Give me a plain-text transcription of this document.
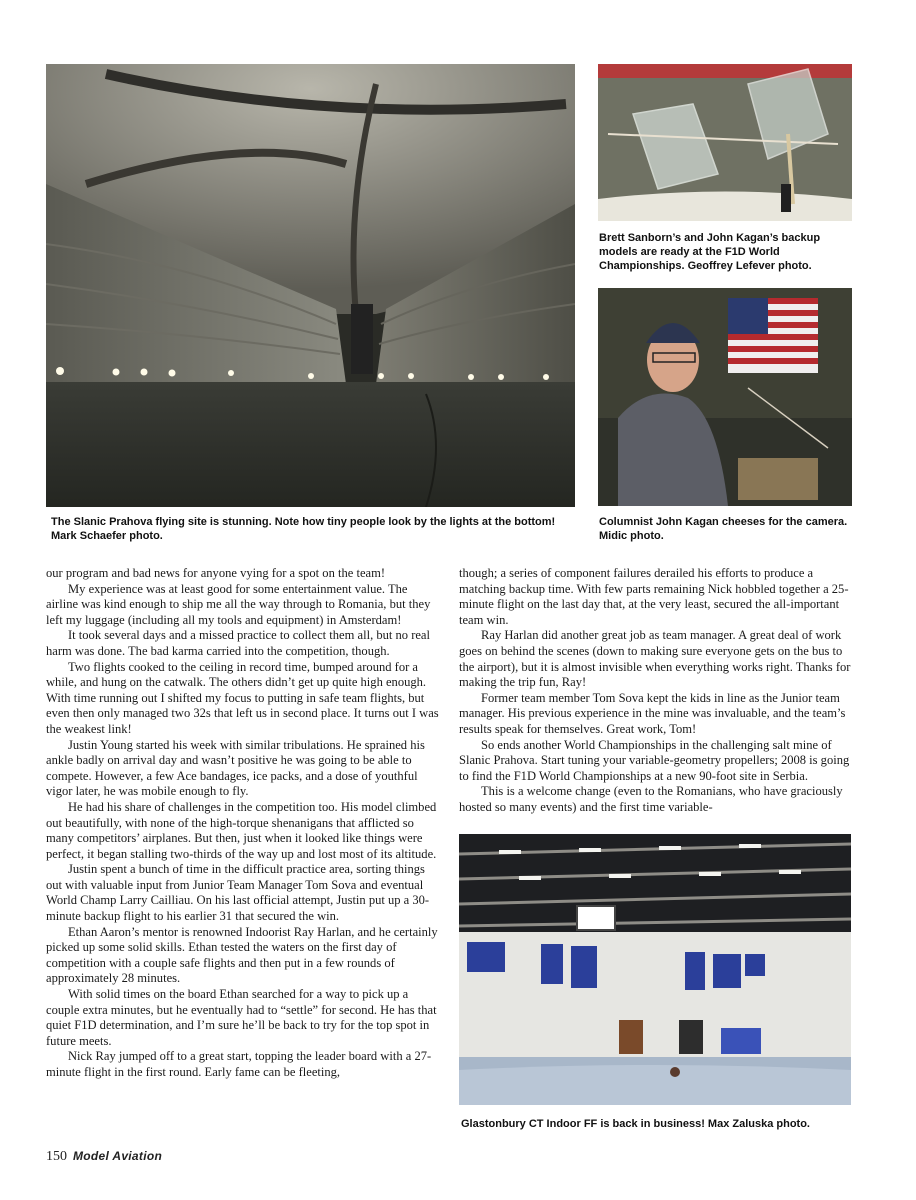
The Slanic Prahova flying site is stunning. Note how tiny people look by the lights at the bottom! Mark Schaefer photo.

Brett Sanborn’s and John Kagan’s backup models are ready at the F1D World Championships. Geoffrey Lefever photo.

Columnist John Kagan cheeses for the camera. Midic photo.

our program and bad news for anyone vying for a spot on the team!

My experience was at least good for some entertainment value. The airline was kind enough to ship me all the way through to Romania, but they left my luggage (including all my tools and equipment) in Amsterdam!

It took several days and a missed practice to collect them all, but no real harm was done. The bad karma carried into the competition, though.

Two flights cooked to the ceiling in record time, bumped around for a while, and hung on the catwalk. The others didn’t get up quite high enough. With time running out I shifted my focus to putting in safe team flights, but even then only managed two 32s that left us in second place. It turns out I was the weakest link!

Justin Young started his week with similar tribulations. He sprained his ankle badly on arrival day and wasn’t positive he was going to be able to compete. However, a few Ace bandages, ice packs, and a dose of youthful vigor later, he was mobile enough to fly.

He had his share of challenges in the competition too. His model climbed out beautifully, with none of the high-torque shenanigans that afflicted so many competitors’ airplanes. But then, just when it looked like things were perfect, it began stalling two-thirds of the way up and lost most of its altitude.

Justin spent a bunch of time in the difficult practice area, sorting things out with valuable input from Junior Team Manager Tom Sova and eventual World Champ Larry Cailliau. On his last official attempt, Justin put up a 30-minute backup flight to his earlier 31 that secured the win.

Ethan Aaron’s mentor is renowned Indoorist Ray Harlan, and he certainly picked up some solid skills. Ethan tested the waters on the first day of competition with a couple safe flights and then put in a few rounds of approximately 28 minutes.

With solid times on the board Ethan searched for a way to pick up a couple extra minutes, but he eventually had to “settle” for second. He has that quiet F1D determination, and I’m sure he’ll be back to try for the top spot in future meets.

Nick Ray jumped off to a great start, topping the leader board with a 27-minute flight in the first round. Early fame can be fleeting,

though; a series of component failures derailed his efforts to produce a matching backup time. With few parts remaining Nick hobbled together a 25-minute flight on the last day that, at the very least, secured the all-important team win.

Ray Harlan did another great job as team manager. A great deal of work goes on behind the scenes (down to making sure everyone gets on the bus to the airport), but it is almost invisible when everything works right. Thanks for making the trip fun, Ray!

Former team member Tom Sova kept the kids in line as the Junior team manager. His previous experience in the mine was invaluable, and the team’s results speak for themselves. Great work, Tom!

So ends another World Championships in the challenging salt mine of Slanic Prahova. Start tuning your variable-geometry propellers; 2008 is going to find the F1D World Championships at a new 90-foot site in Serbia.

This is a welcome change (even to the Romanians, who have graciously hosted so many events) and the first time variable-

Glastonbury CT Indoor FF is back in business! Max Zaluska photo.

150 Model Aviation
